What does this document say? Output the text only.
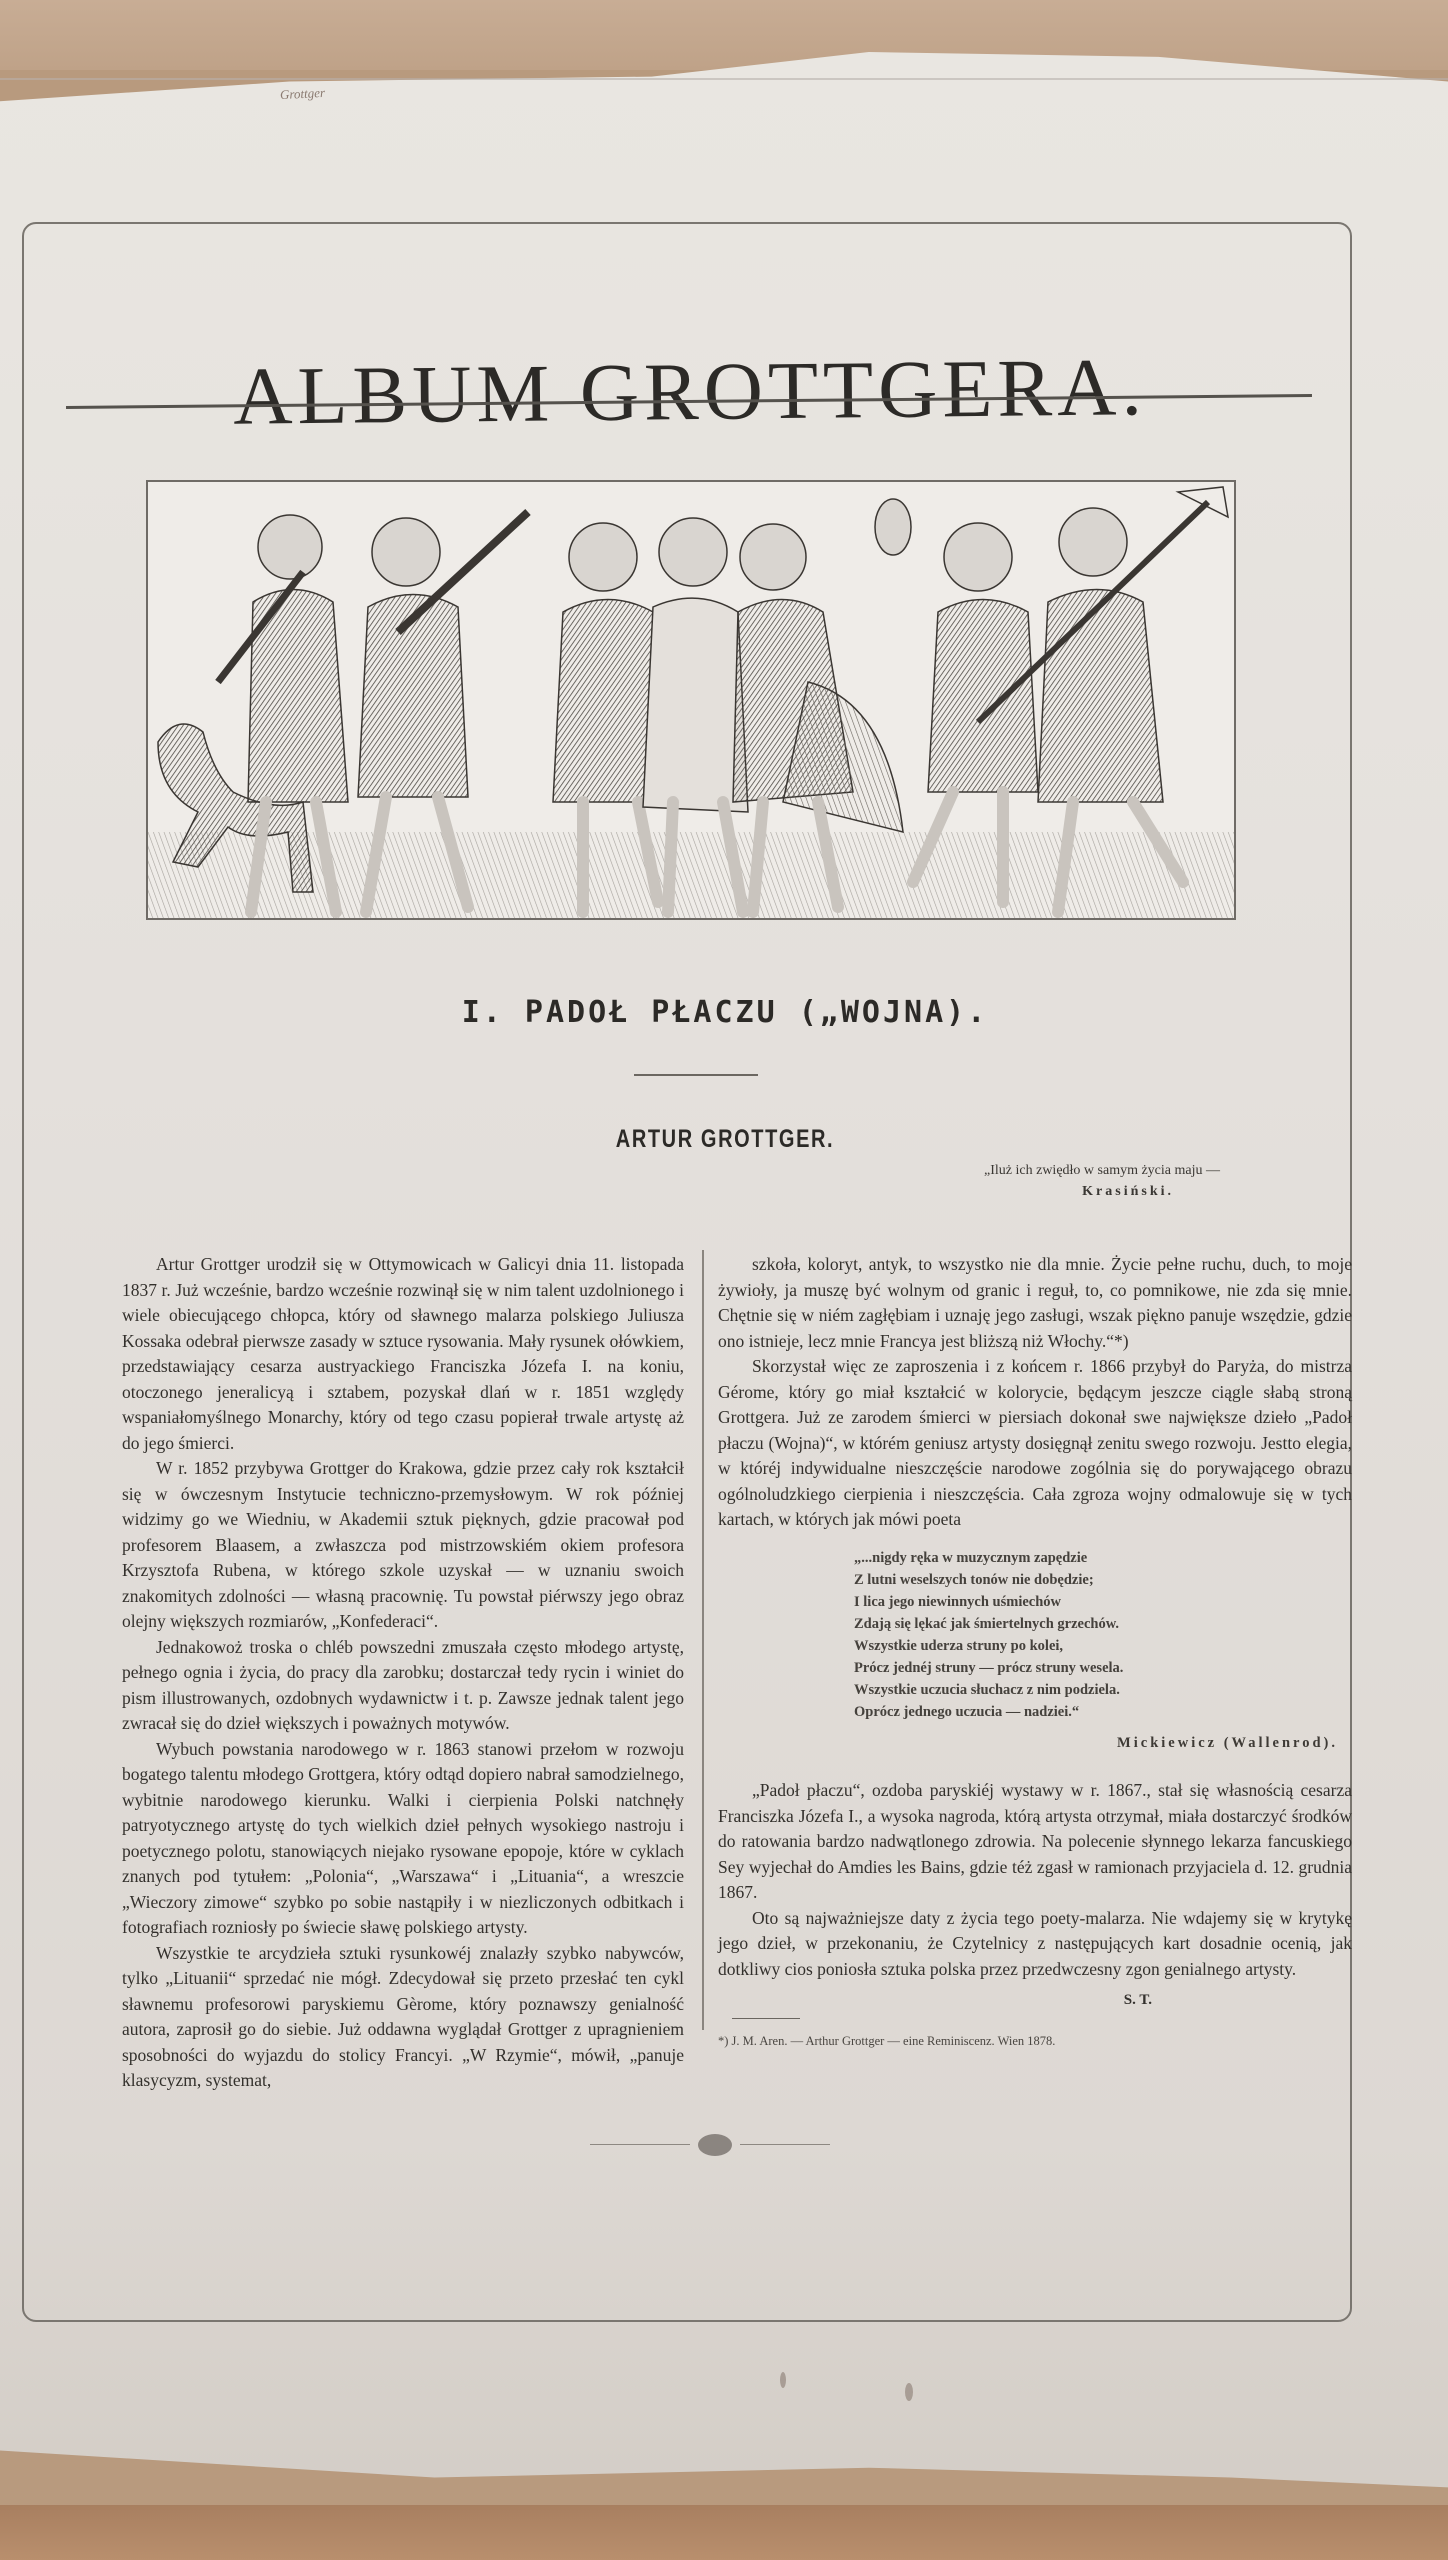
Grottger
ALBUM GROTTGERA.
I. PADOŁ PŁACZU („WOJNA).
ARTUR GROTTGER.
„Iluż ich zwiędło w samym życia maju —
Krasiński.

Artur Grottger urodził się w Ottymowicach w Galicyi dnia 11. listopada 1837 r. Już wcześnie, bardzo wcześnie rozwinął się w nim talent uzdolnionego i wiele obiecującego chłopca, który od sławnego malarza polskiego Juliusza Kossaka odebrał pierwsze zasady w sztuce rysowania. Mały rysunek ołówkiem, przedstawiający cesarza austryackiego Franciszka Józefa I. na koniu, otoczonego jeneralicyą i sztabem, pozyskał dlań w r. 1851 względy wspaniałomyślnego Monarchy, który od tego czasu popierał trwale artystę aż do jego śmierci.

W r. 1852 przybywa Grottger do Krakowa, gdzie przez cały rok kształcił się w ówczesnym Instytucie techniczno-przemysłowym. W rok później widzimy go we Wiedniu, w Akademii sztuk pięknych, gdzie pracował pod profesorem Blaasem, a zwłaszcza pod mistrzowskiém okiem profesora Krzysztofa Rubena, w którego szkole uzyskał — w uznaniu swoich znakomitych zdolności — własną pracownię. Tu powstał piérwszy jego obraz olejny większych rozmiarów, „Konfederaci“.

Jednakowoż troska o chléb powszedni zmuszała często młodego artystę, pełnego ognia i życia, do pracy dla zarobku; dostarczał tedy rycin i winiet do pism illustrowanych, ozdobnych wydawnictw i t. p. Zawsze jednak talent jego zwracał się do dzieł większych i poważnych motywów.

Wybuch powstania narodowego w r. 1863 stanowi przełom w rozwoju bogatego talentu młodego Grottgera, który odtąd dopiero nabrał samodzielnego, wybitnie narodowego kierunku. Walki i cierpienia Polski natchnęły patryotycznego artystę do tych wielkich dzieł pełnych wysokiego nastroju i poetycznego polotu, stanowiących niejako rysowane epopoje, które w cyklach znanych pod tytułem: „Polonia“, „Warszawa“ i „Lituania“, a wreszcie „Wieczory zimowe“ szybko po sobie nastąpiły i w niezliczonych odbitkach i fotografiach rozniosły po świecie sławę polskiego artysty.

Wszystkie te arcydzieła sztuki rysunkowéj znalazły szybko nabywców, tylko „Lituanii“ sprzedać nie mógł. Zdecydował się przeto przesłać ten cykl sławnemu profesorowi paryskiemu Gèrome, który poznawszy genialność autora, zaprosił go do siebie. Już oddawna wyglądał Grottger z upragnieniem sposobności do wyjazdu do stolicy Francyi. „W Rzymie“, mówił, „panuje klasycyzm, systemat,

szkoła, koloryt, antyk, to wszystko nie dla mnie. Życie pełne ruchu, duch, to moje żywioły, ja muszę być wolnym od granic i reguł, to, co pomnikowe, nie zda się mnie. Chętnie się w niém zagłębiam i uznaję jego zasługi, wszak piękno panuje wszędzie, gdzie ono istnieje, lecz mnie Francya jest bliższą niż Włochy.“*)

Skorzystał więc ze zaproszenia i z końcem r. 1866 przybył do Paryża, do mistrza Gérome, który go miał kształcić w kolorycie, będącym jeszcze ciągle słabą stroną Grottgera. Już ze zarodem śmierci w piersiach dokonał swe największe dzieło „Padoł płaczu (Wojna)“, w którém geniusz artysty dosięgnął zenitu swego rozwoju. Jestto elegia, w któréj indywidualne nieszczęście narodowe zogólnia się do porywającego obrazu ogólnoludzkiego cierpienia i nieszczęścia. Cała zgroza wojny odmalowuje się w tych kartach, w których jak mówi poeta

„...nigdy ręka w muzycznym zapędzie
Z lutni weselszych tonów nie dobędzie;
I lica jego niewinnych uśmiechów
Zdają się lękać jak śmiertelnych grzechów.
Wszystkie uderza struny po kolei,
Prócz jednéj struny — prócz struny wesela.
Wszystkie uczucia słuchacz z nim podziela.
Oprócz jednego uczucia — nadziei.“
Mickiewicz (Wallenrod).

„Padoł płaczu“, ozdoba paryskiéj wystawy w r. 1867., stał się własnością cesarza Franciszka Józefa I., a wysoka nagroda, którą artysta otrzymał, miała dostarczyć środków do ratowania bardzo nadwątlonego zdrowia. Na polecenie słynnego lekarza fancuskiego Sey wyjechał do Amdies les Bains, gdzie téż zgasł w ramionach przyjaciela d. 12. grudnia 1867.

Oto są najważniejsze daty z życia tego poety-malarza. Nie wdajemy się w krytykę jego dzieł, w przekonaniu, że Czytelnicy z następujących kart dosadnie ocenią, jak dotkliwy cios poniosła sztuka polska przez przedwczesny zgon genialnego artysty.

S. T.

*) J. M. Aren. — Arthur Grottger — eine Reminiscenz. Wien 1878.
